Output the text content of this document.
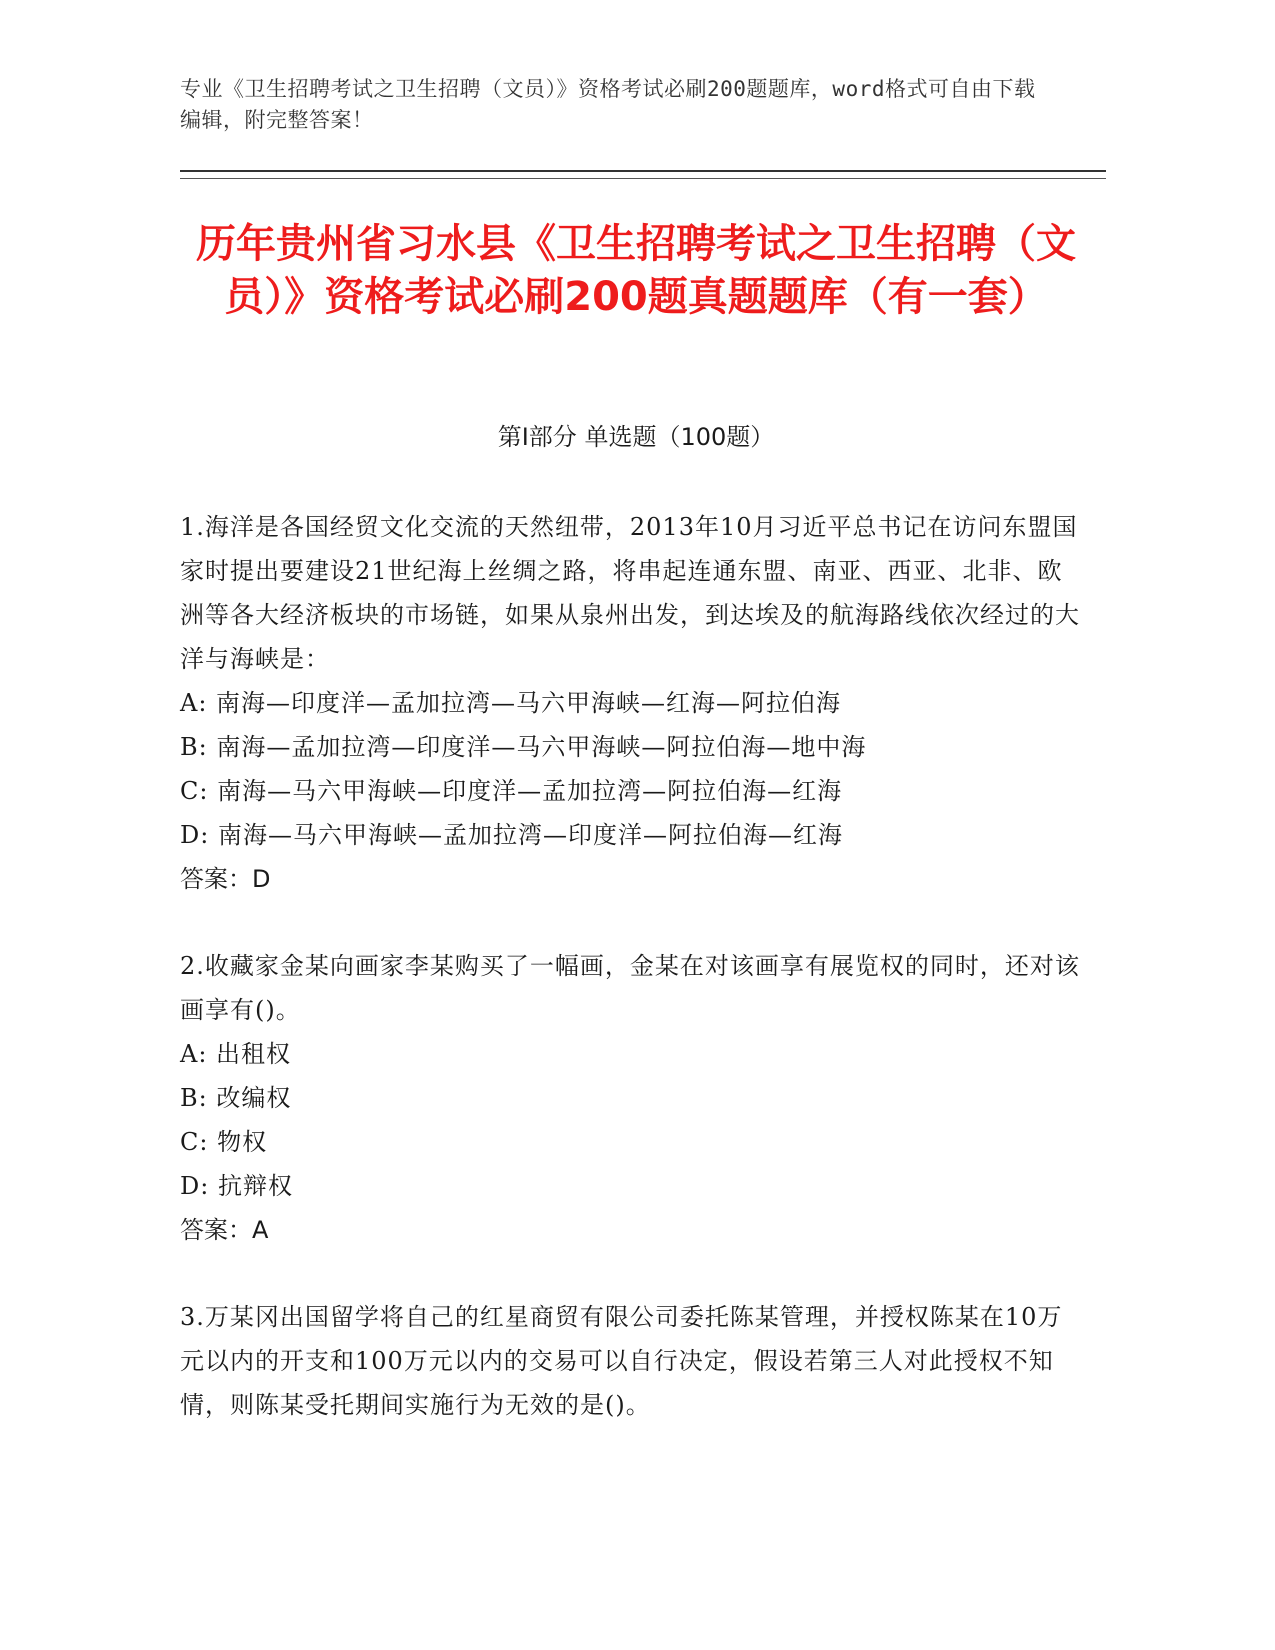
专业《卫生招聘考试之卫生招聘（文员）》资格考试必刷200题题库，word格式可自由下载编辑，附完整答案！
历年贵州省习水县《卫生招聘考试之卫生招聘（文员）》资格考试必刷200题真题题库（有一套）
第I部分 单选题（100题）
1.海洋是各国经贸文化交流的天然纽带，2013年10月习近平总书记在访问东盟国家时提出要建设21世纪海上丝绸之路，将串起连通东盟、南亚、西亚、北非、欧洲等各大经济板块的市场链，如果从泉州出发，到达埃及的航海路线依次经过的大洋与海峡是：
A: 南海—印度洋—孟加拉湾—马六甲海峡—红海—阿拉伯海
B: 南海—孟加拉湾—印度洋—马六甲海峡—阿拉伯海—地中海
C: 南海—马六甲海峡—印度洋—孟加拉湾—阿拉伯海—红海
D: 南海—马六甲海峡—孟加拉湾—印度洋—阿拉伯海—红海
答案：D
2.收藏家金某向画家李某购买了一幅画，金某在对该画享有展览权的同时，还对该画享有()。
A: 出租权
B: 改编权
C: 物权
D: 抗辩权
答案：A
3.万某冈出国留学将自己的红星商贸有限公司委托陈某管理，并授权陈某在10万元以内的开支和100万元以内的交易可以自行决定，假设若第三人对此授权不知情，则陈某受托期间实施行为无效的是()。
